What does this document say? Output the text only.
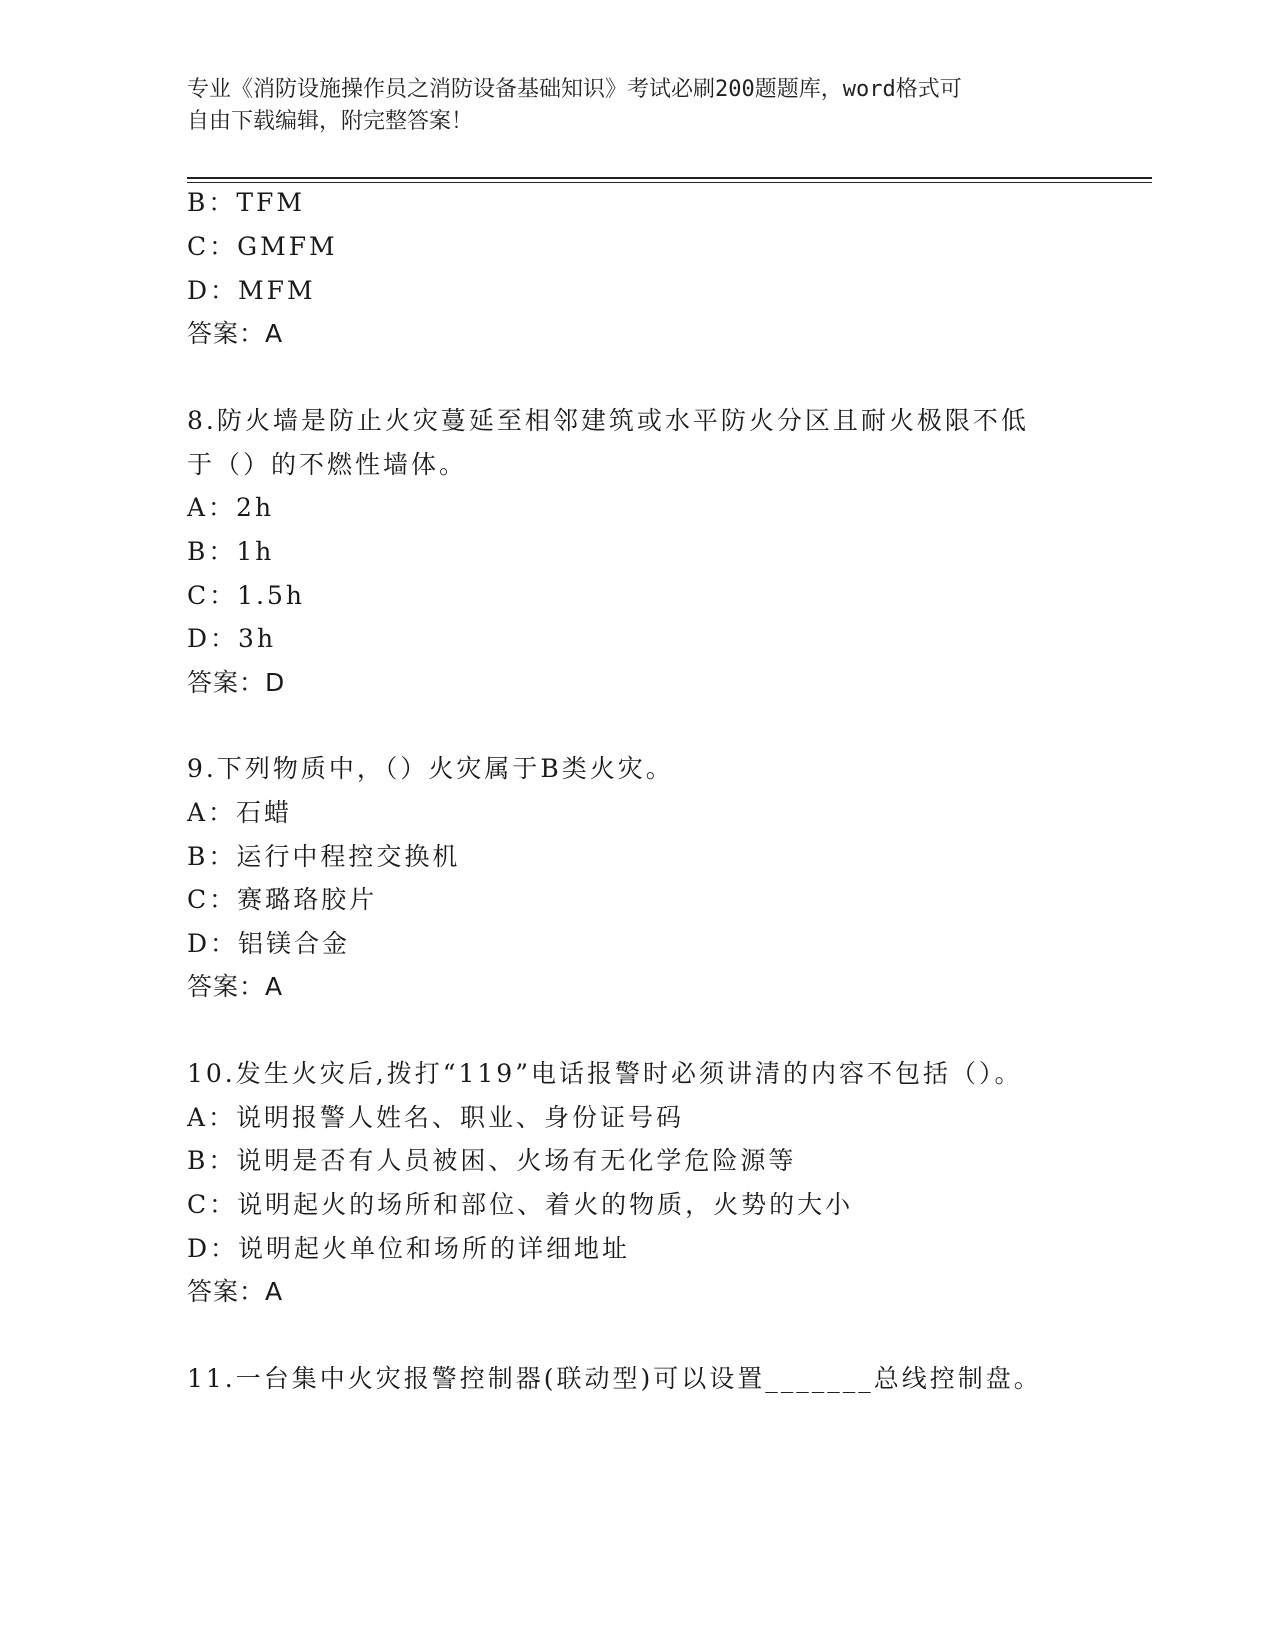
专业《消防设施操作员之消防设备基础知识》考试必刷200题题库，word格式可
自由下载编辑，附完整答案！
B：TFM
C：GMFM
D：MFM
答案：A
8.防火墙是防止火灾蔓延至相邻建筑或水平防火分区且耐火极限不低
于（）的不燃性墙体。
A：2h
B：1h
C：1.5h
D：3h
答案：D
9.下列物质中，（）火灾属于B类火灾。
A：石蜡
B：运行中程控交换机
C：赛璐珞胶片
D：铝镁合金
答案：A
10.发生火灾后,拨打“119”电话报警时必须讲清的内容不包括（）。
A：说明报警人姓名、职业、身份证号码
B：说明是否有人员被困、火场有无化学危险源等
C：说明起火的场所和部位、着火的物质，火势的大小
D：说明起火单位和场所的详细地址
答案：A
11.一台集中火灾报警控制器(联动型)可以设置_______总线控制盘。
